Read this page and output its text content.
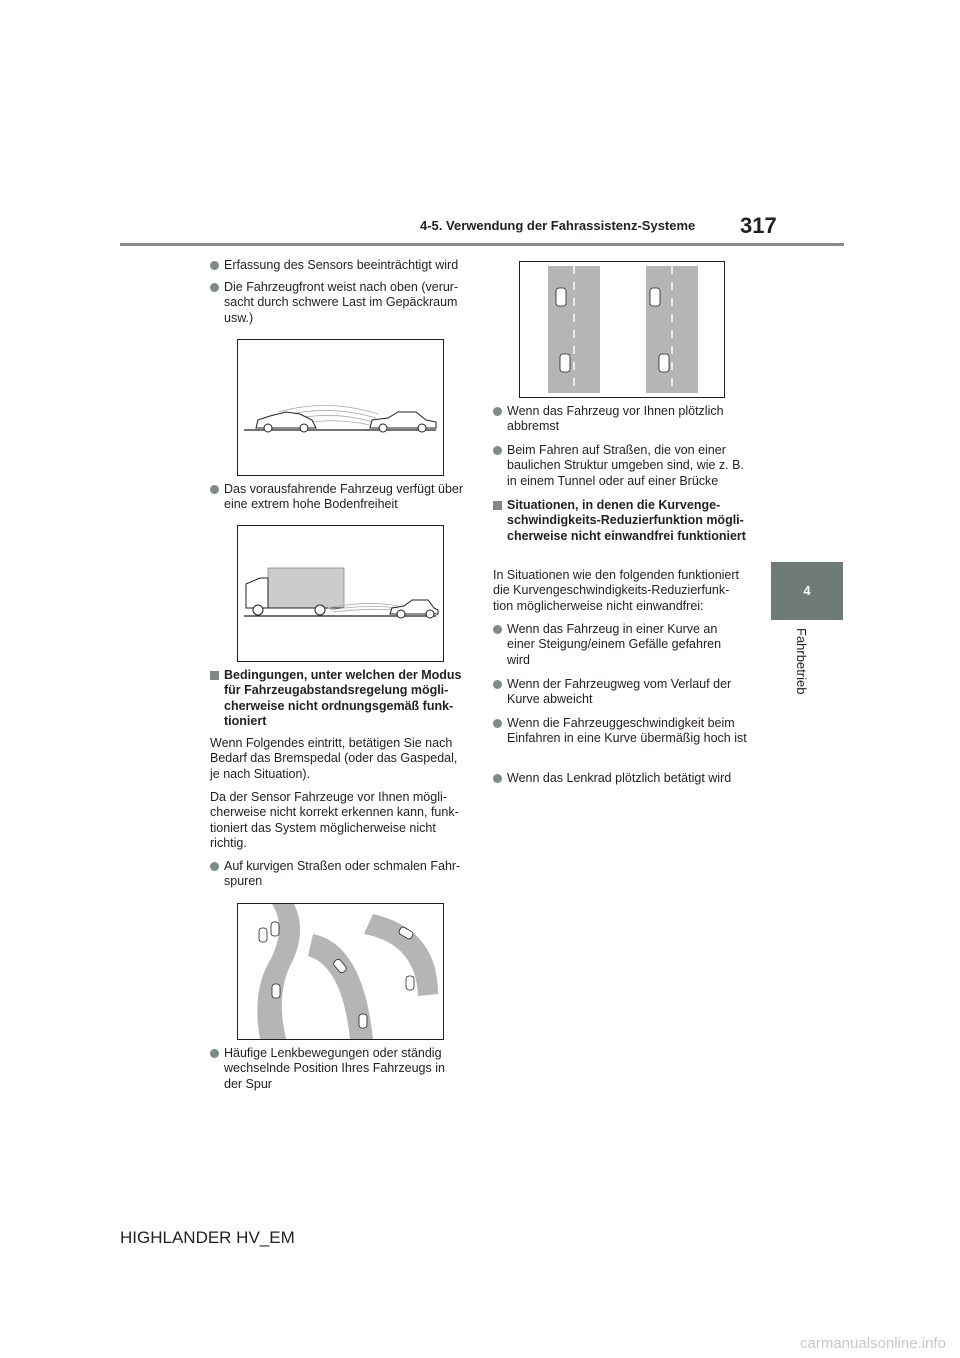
4-5. Verwendung der Fahrassistenz-Systeme 317
4
Fahrbetrieb

Erfassung des Sensors beeinträchtigt wird

Die Fahrzeugfront weist nach oben (verur-sacht durch schwere Last im Gepäckraum usw.)

Das vorausfahrende Fahrzeug verfügt über eine extrem hohe Bodenfreiheit

Bedingungen, unter welchen der Modus für Fahrzeugabstandsregelung mögli-cherweise nicht ordnungsgemäß funk-tioniert

Wenn Folgendes eintritt, betätigen Sie nach Bedarf das Bremspedal (oder das Gaspedal, je nach Situation).

Da der Sensor Fahrzeuge vor Ihnen mögli-cherweise nicht korrekt erkennen kann, funk-tioniert das System möglicherweise nicht richtig.

Auf kurvigen Straßen oder schmalen Fahr-spuren

Häufige Lenkbewegungen oder ständig wechselnde Position Ihres Fahrzeugs in der Spur

Wenn das Fahrzeug vor Ihnen plötzlich abbremst

Beim Fahren auf Straßen, die von einer baulichen Struktur umgeben sind, wie z. B. in einem Tunnel oder auf einer Brücke

Situationen, in denen die Kurvenge-schwindigkeits-Reduzierfunktion mögli-cherweise nicht einwandfrei funktioniert

In Situationen wie den folgenden funktioniert die Kurvengeschwindigkeits-Reduzierfunk-tion möglicherweise nicht einwandfrei:

Wenn das Fahrzeug in einer Kurve an einer Steigung/einem Gefälle gefahren wird

Wenn der Fahrzeugweg vom Verlauf der Kurve abweicht

Wenn die Fahrzeuggeschwindigkeit beim Einfahren in eine Kurve übermäßig hoch ist

Wenn das Lenkrad plötzlich betätigt wird

HIGHLANDER HV_EM
carmanualsonline.info
